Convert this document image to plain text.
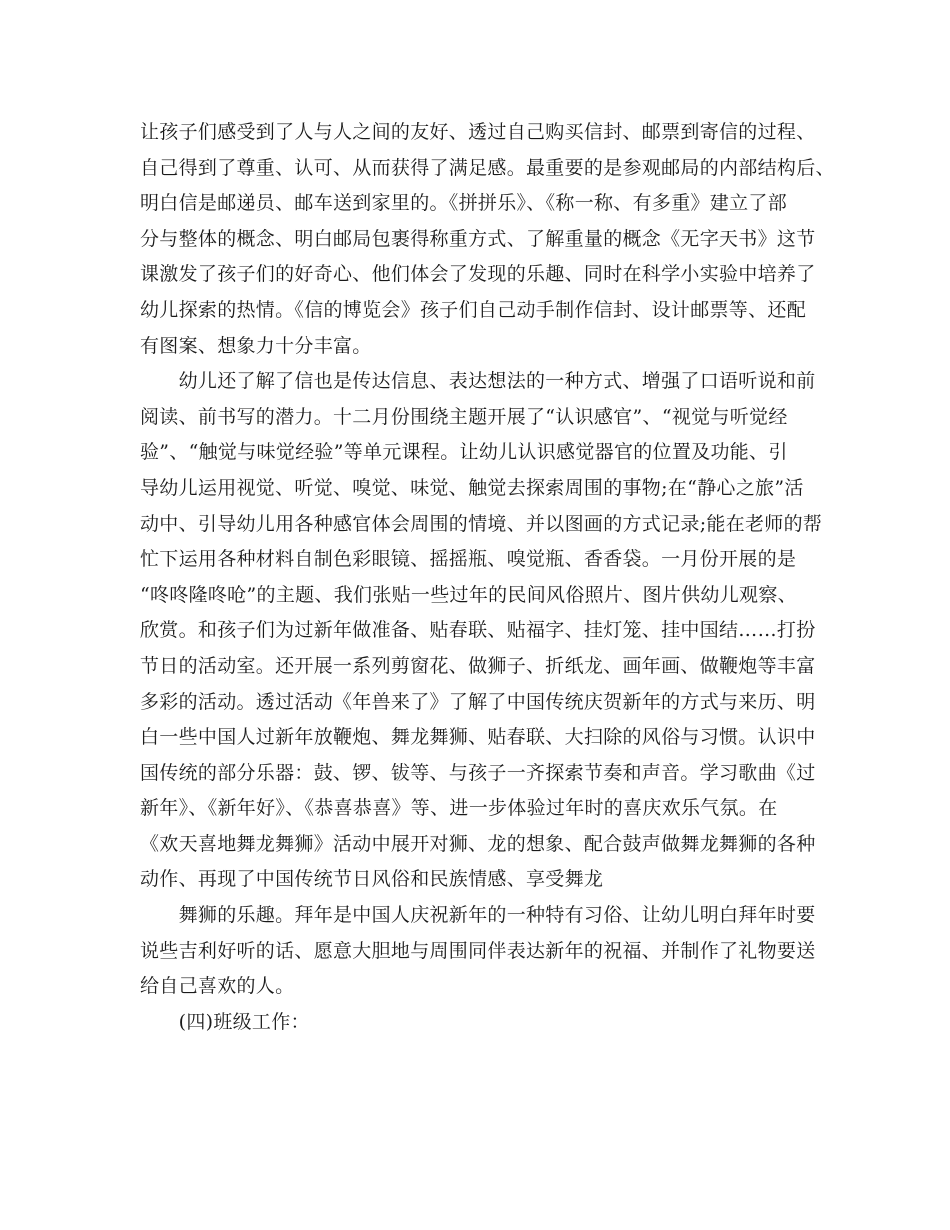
让孩子们感受到了人与人之间的友好、透过自己购买信封、邮票到寄信的过程、
自己得到了尊重、认可、从而获得了满足感。最重要的是参观邮局的内部结构后、
明白信是邮递员、邮车送到家里的。《拼拼乐》、《称一称、有多重》建立了部
分与整体的概念、明白邮局包裹得称重方式、了解重量的概念《无字天书》这节
课激发了孩子们的好奇心、他们体会了发现的乐趣、同时在科学小实验中培养了
幼儿探索的热情。《信的博览会》孩子们自己动手制作信封、设计邮票等、还配
有图案、想象力十分丰富。
　　幼儿还了解了信也是传达信息、表达想法的一种方式、增强了口语听说和前
阅读、前书写的潜力。十二月份围绕主题开展了“认识感官”、“视觉与听觉经
验”、“触觉与味觉经验”等单元课程。让幼儿认识感觉器官的位置及功能、引
导幼儿运用视觉、听觉、嗅觉、味觉、触觉去探索周围的事物;在“静心之旅”活
动中、引导幼儿用各种感官体会周围的情境、并以图画的方式记录;能在老师的帮
忙下运用各种材料自制色彩眼镜、摇摇瓶、嗅觉瓶、香香袋。一月份开展的是
“咚咚隆咚呛”的主题、我们张贴一些过年的民间风俗照片、图片供幼儿观察、
欣赏。和孩子们为过新年做准备、贴春联、贴福字、挂灯笼、挂中国结……打扮
节日的活动室。还开展一系列剪窗花、做狮子、折纸龙、画年画、做鞭炮等丰富
多彩的活动。透过活动《年兽来了》了解了中国传统庆贺新年的方式与来历、明
白一些中国人过新年放鞭炮、舞龙舞狮、贴春联、大扫除的风俗与习惯。认识中
国传统的部分乐器：鼓、锣、钹等、与孩子一齐探索节奏和声音。学习歌曲《过
新年》、《新年好》、《恭喜恭喜》等、进一步体验过年时的喜庆欢乐气氛。在
《欢天喜地舞龙舞狮》活动中展开对狮、龙的想象、配合鼓声做舞龙舞狮的各种
动作、再现了中国传统节日风俗和民族情感、享受舞龙
　　舞狮的乐趣。拜年是中国人庆祝新年的一种特有习俗、让幼儿明白拜年时要
说些吉利好听的话、愿意大胆地与周围同伴表达新年的祝福、并制作了礼物要送
给自己喜欢的人。
　　(四)班级工作：
